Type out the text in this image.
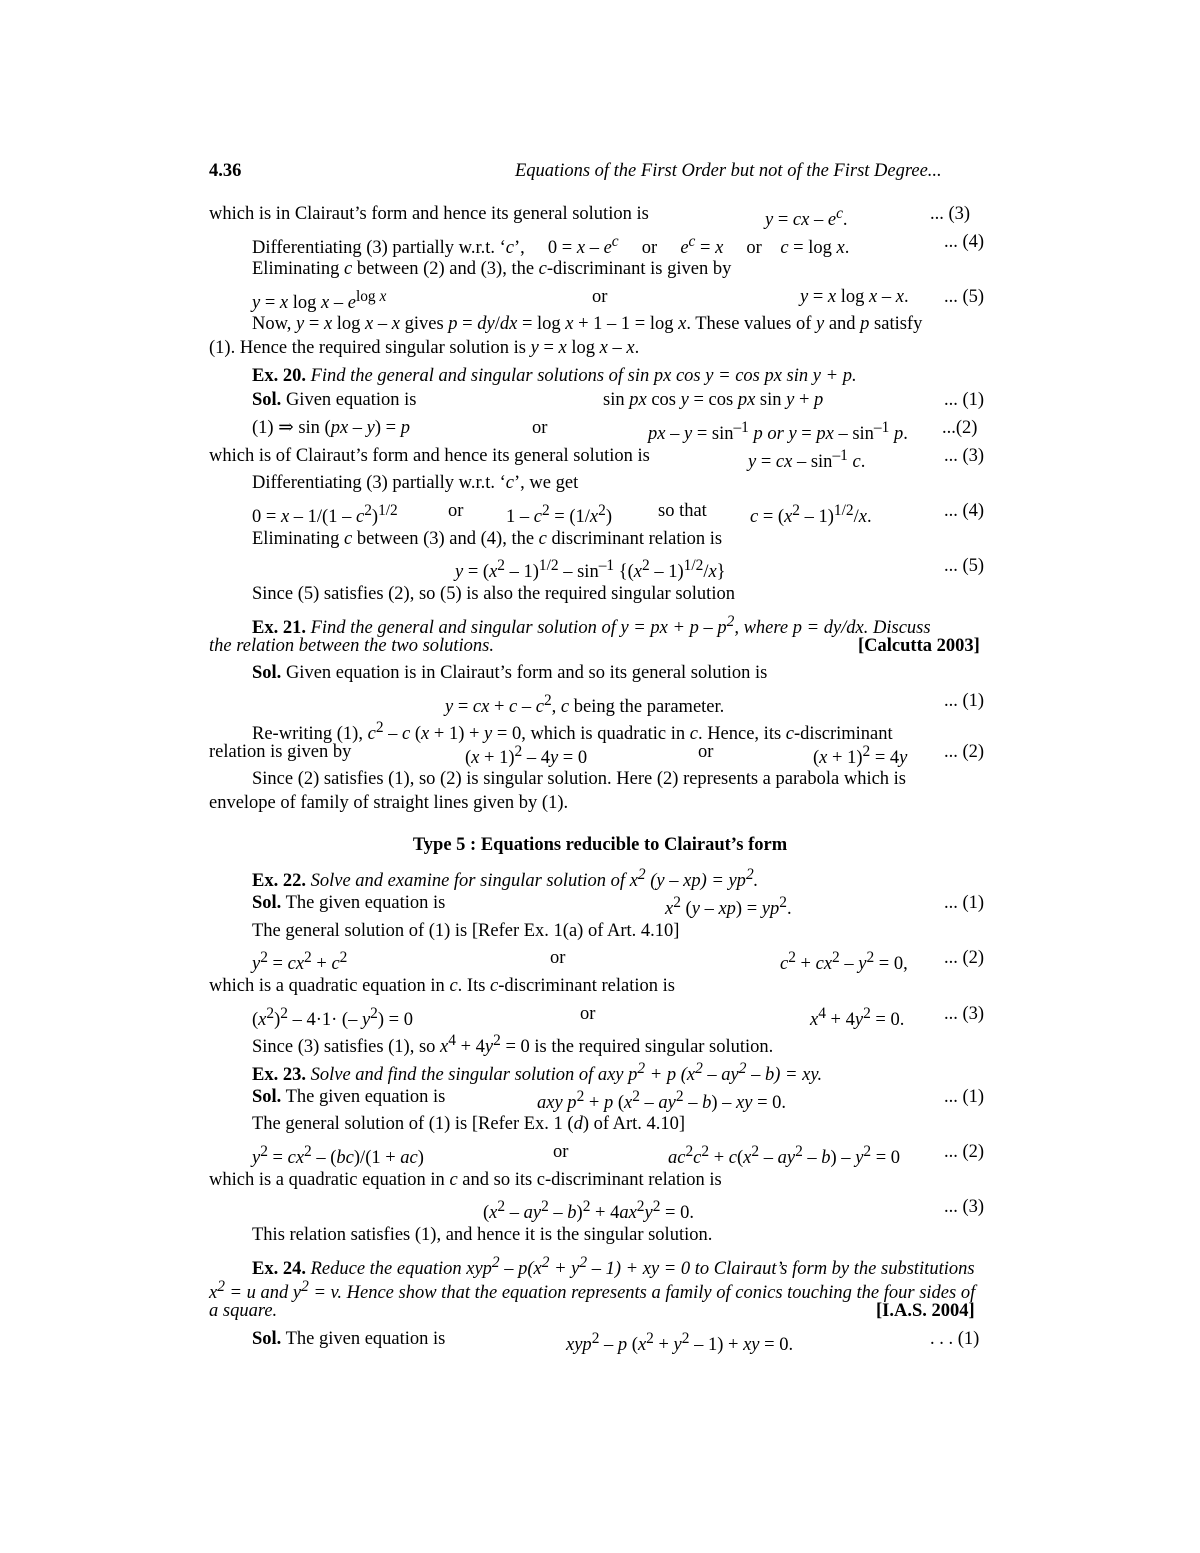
4.36	Equations of the First Order but not of the First Degree...
which is in Clairaut’s form and hence its general solution is	y = cx – $e^c$.	... (3)
Differentiating (3) partially w.r.t. ‘c’,     $0 = x - e^c$     or     $e^c = x$     or    c = log x.	... (4)
Eliminating c between (2) and (3), the c-discriminant is given by
y = x log x – $e^{log x}$	or	y = x log x – x. ... (5)
Now, y = x log x – x gives p = dy/dx = log x + 1 – 1 = log x. These values of y and p satisfy
(1). Hence the required singular solution is y = x log x – x.
Ex. 20. Find the general and singular solutions of sin px cos y = cos px sin y + p.
Sol. Given equation is	sin px cos y = cos px sin y + p	... (1)
(1) ⇒ sin (px – y) = p	or	px – $y = \sin^{-1} p$ or y = px – $\sin^{-1} p$. ...(2)
which is of Clairaut’s form and hence its general solution is	y = cx – $\sin^{-1} c$.	... (3)
Differentiating (3) partially w.r.t. ‘c’, we get
$0 = x - 1/(1 - c^2)^{1/2}$	or $1 - c^2 = (1/x^2)$ so that $c = (x^2 - 1)^{1/2}/x$.	... (4)
Eliminating c between (3) and (4), the c discriminant relation is
$y = (x^2 - 1)^{1/2} - \sin^{-1} \{(x^2 - 1)^{1/2}/x\}$	... (5)
Since (5) satisfies (2), so (5) is also the required singular solution
Ex. 21. Find the general and singular solution of y = px + p – $p^2$, where p = dy/dx. Discuss
the relation between the two solutions.	[Calcutta 2003]
Sol. Given equation is in Clairaut’s form and so its general solution is
y = cx + c – $c^2$, c being the parameter.	... (1)
Re-writing (1), $c^2$ – c (x + 1) + y = 0, which is quadratic in c. Hence, its c-discriminant
relation is given by	$(x + 1)^2 - 4y = 0$	or	$(x + 1)^2 = 4y$ ... (2)
Since (2) satisfies (1), so (2) is singular solution. Here (2) represents a parabola which is
envelope of family of straight lines given by (1).
Ex. 22. Solve and examine for singular solution of $x^2$ $(y - xp) = yp^2$.
Sol. The given equation is	$x^2$ $(y - xp) = yp^2$.	... (1)
The general solution of (1) is [Refer Ex. 1(a) of Art. 4.10]
$y^2 = cx^2 + c^2$	or	$c^2 + cx^2 - y^2 = 0$, ... (2)
which is a quadratic equation in c. Its c-discriminant relation is
$(x^2)^2 - 4\cdot 1\cdot$ (– $y^2) = 0$	or	$x^4 + 4y^2 = 0$. ... (3)
Since (3) satisfies (1), so $x^4 + 4y^2 = 0$ is the required singular solution.
Ex. 23. Solve and find the singular solution of axy $p^2 + p$ $(x^2 - ay^2 - b)$ = xy.
Sol. The given equation is	axy $p^2 + p$ $(x^2 - ay^2 - b)$ – xy = 0.	... (1)
The general solution of (1) is [Refer Ex. 1 (d) of Art. 4.10]
$y^2 = cx^2 - (bc)/(1 + ac)$	or	$ac^2c^2 + c(x^2 - ay^2 - b) - y^2 = 0$ ... (2)
which is a quadratic equation in c and so its c-discriminant relation is
$(x^2 - ay^2 - b)^2 + 4ax^2y^2 = 0$.	... (3)
This relation satisfies (1), and hence it is the singular solution.
Ex. 24. Reduce the equation $xyp^2 - p(x^2 + y^2 - 1)$ + xy = 0 to Clairaut’s form by the substitutions
$x^2 = u$ and $y^2 = v$. Hence show that the equation represents a family of conics touching the four sides of
a square.	[I.A.S. 2004]
Sol. The given equation is	xyp$^2$ – p $(x^2 + y^2 - 1)$ + xy = 0.	. . . (1)
Type 5 : Equations reducible to Clairaut’s form
